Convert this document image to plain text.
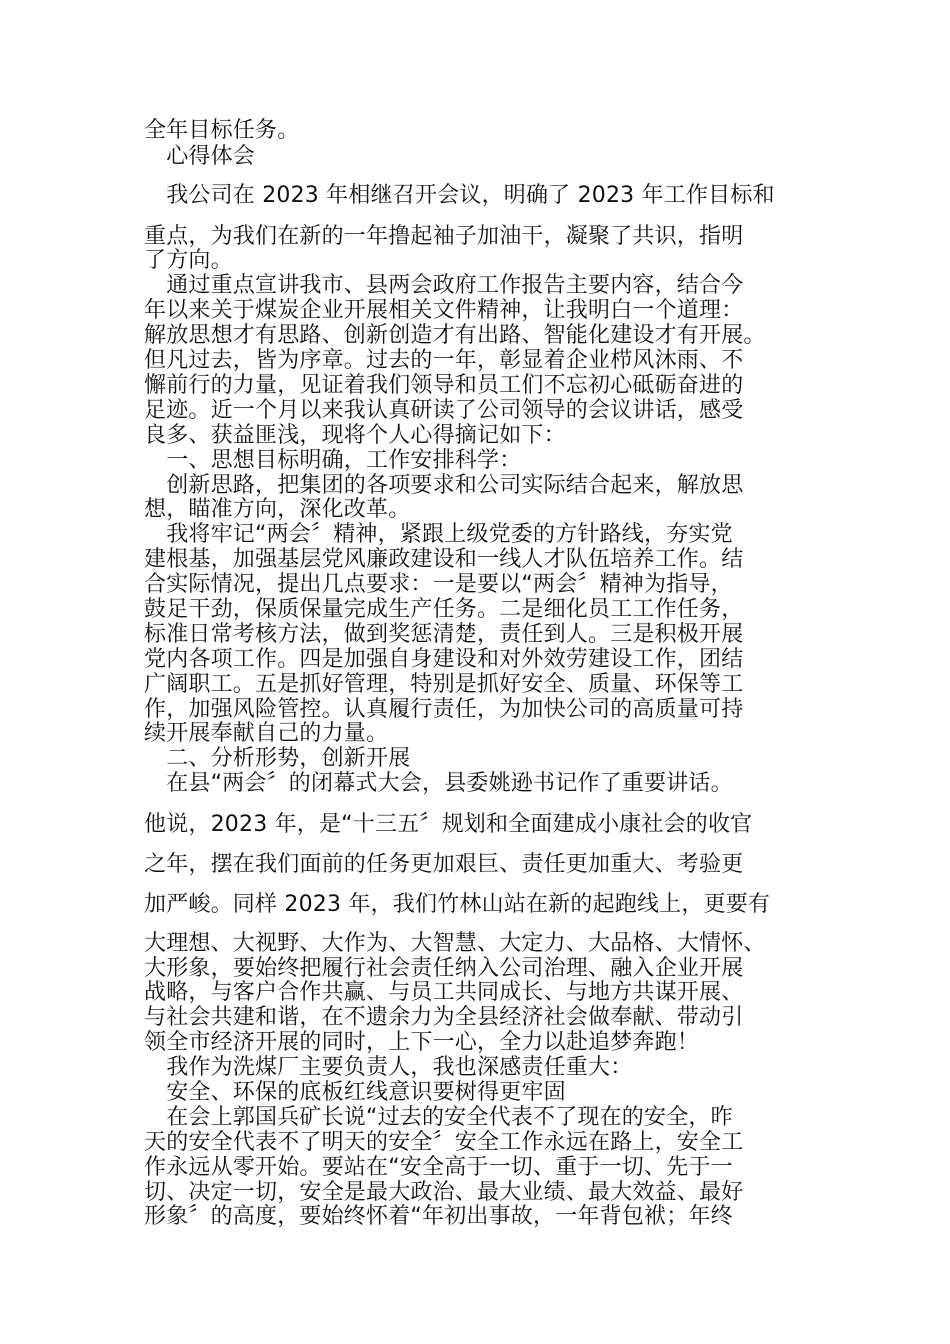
全年目标任务。
　心得体会
　我公司在 2023 年相继召开会议，明确了 2023 年工作目标和
重点，为我们在新的一年撸起袖子加油干，凝聚了共识，指明
了方向。
　通过重点宣讲我市、县两会政府工作报告主要内容，结合今
年以来关于煤炭企业开展相关文件精神，让我明白一个道理：
解放思想才有思路、创新创造才有出路、智能化建设才有开展。
但凡过去，皆为序章。过去的一年，彰显着企业栉风沐雨、不
懈前行的力量，见证着我们领导和员工们不忘初心砥砺奋进的
足迹。近一个月以来我认真研读了公司领导的会议讲话，感受
良多、获益匪浅，现将个人心得摘记如下：
　一、思想目标明确，工作安排科学：
　创新思路，把集团的各项要求和公司实际结合起来，解放思
想，瞄准方向，深化改革。
　我将牢记“两会〞精神，紧跟上级党委的方针路线，夯实党
建根基，加强基层党风廉政建设和一线人才队伍培养工作。结
合实际情况，提出几点要求：一是要以“两会〞精神为指导，
鼓足干劲，保质保量完成生产任务。二是细化员工工作任务，
标准日常考核方法，做到奖惩清楚，责任到人。三是积极开展
党内各项工作。四是加强自身建设和对外效劳建设工作，团结
广阔职工。五是抓好管理，特别是抓好安全、质量、环保等工
作，加强风险管控。认真履行责任，为加快公司的高质量可持
续开展奉献自己的力量。
　二、分析形势，创新开展
　在县“两会〞的闭幕式大会，县委姚逊书记作了重要讲话。
他说，2023 年，是“十三五〞规划和全面建成小康社会的收官
之年，摆在我们面前的任务更加艰巨、责任更加重大、考验更
加严峻。同样 2023 年，我们竹林山站在新的起跑线上，更要有
大理想、大视野、大作为、大智慧、大定力、大品格、大情怀、
大形象，要始终把履行社会责任纳入公司治理、融入企业开展
战略，与客户合作共赢、与员工共同成长、与地方共谋开展、
与社会共建和谐，在不遗余力为全县经济社会做奉献、带动引
领全市经济开展的同时，上下一心，全力以赴追梦奔跑！
　我作为洗煤厂主要负责人，我也深感责任重大：
　安全、环保的底板红线意识要树得更牢固
　在会上郭国兵矿长说“过去的安全代表不了现在的安全，昨
天的安全代表不了明天的安全〞安全工作永远在路上，安全工
作永远从零开始。要站在“安全高于一切、重于一切、先于一
切、决定一切，安全是最大政治、最大业绩、最大效益、最好
形象〞的高度，要始终怀着“年初出事故，一年背包袱；年终
